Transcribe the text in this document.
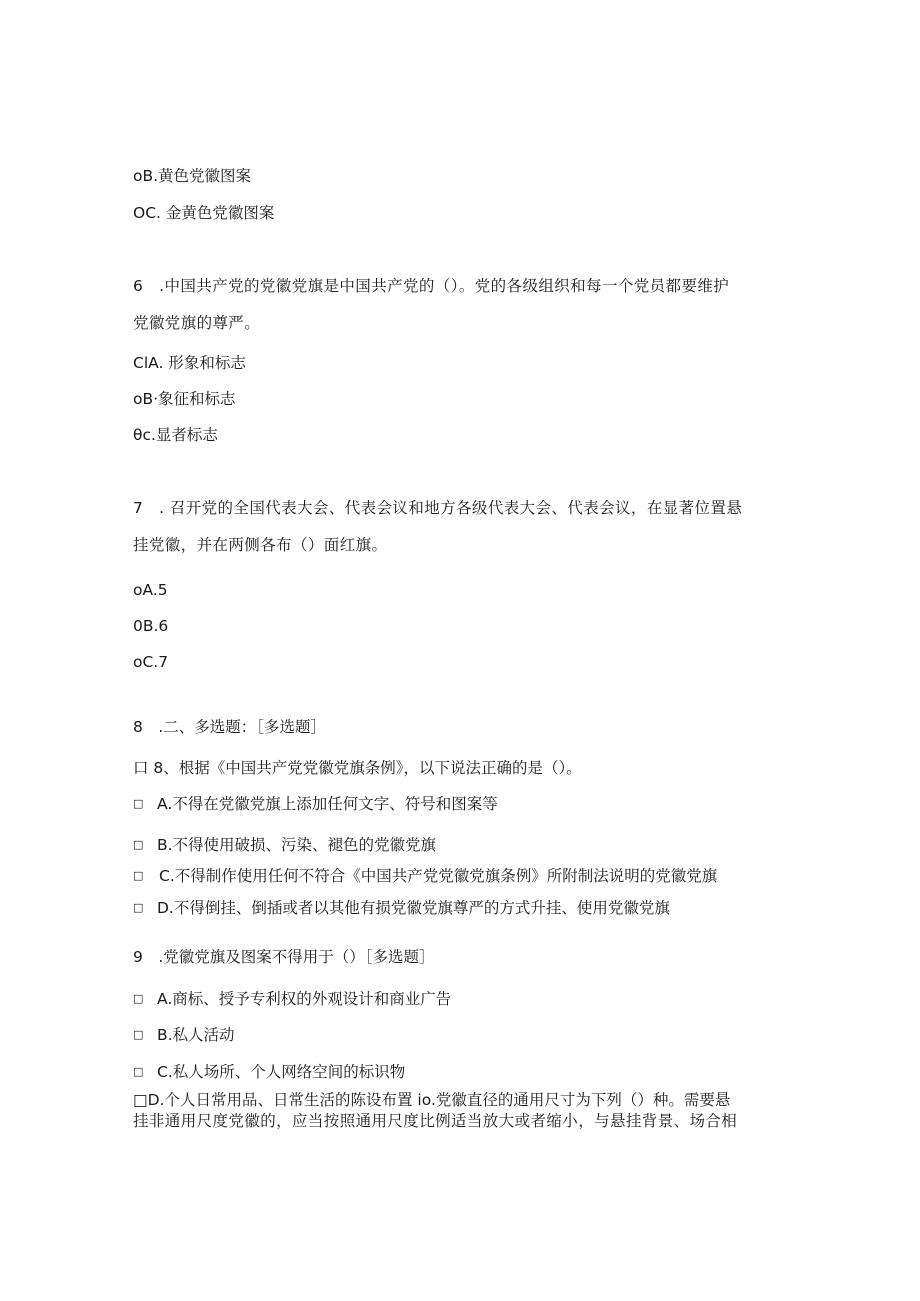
oB.黄色党徽图案
OC. 金黄色党徽图案
6　.中国共产党的党徽党旗是中国共产党的（）。党的各级组织和每一个党员都要维护
党徽党旗的尊严。
ClA. 形象和标志
oB·象征和标志
θc.显者标志
7　. 召开党的全国代表大会、代表会议和地方各级代表大会、代表会议，在显著位置悬
挂党徽，并在两侧各布（）面红旗。
oA.5
0B.6
oC.7
8　.二、多选题：［多选题］
口 8、根据《中国共产党党徽党旗条例》，以下说法正确的是（）。
□ A.不得在党徽党旗上添加任何文字、符号和图案等
□ B.不得使用破损、污染、褪色的党徽党旗
□ C.不得制作使用任何不符合《中国共产党党徽党旗条例》所附制法说明的党徽党旗
□ D.不得倒挂、倒插或者以其他有损党徽党旗尊严的方式升挂、使用党徽党旗
9　.党徽党旗及图案不得用于（）［多选题］
□ A.商标、授予专利权的外观设计和商业广告
□ B.私人活动
□ C.私人场所、个人网络空间的标识物
□D.个人日常用品、日常生活的陈设布置 io.党徽直径的通用尺寸为下列（）种。需要悬
挂非通用尺度党徽的，应当按照通用尺度比例适当放大或者缩小，与悬挂背景、场合相
